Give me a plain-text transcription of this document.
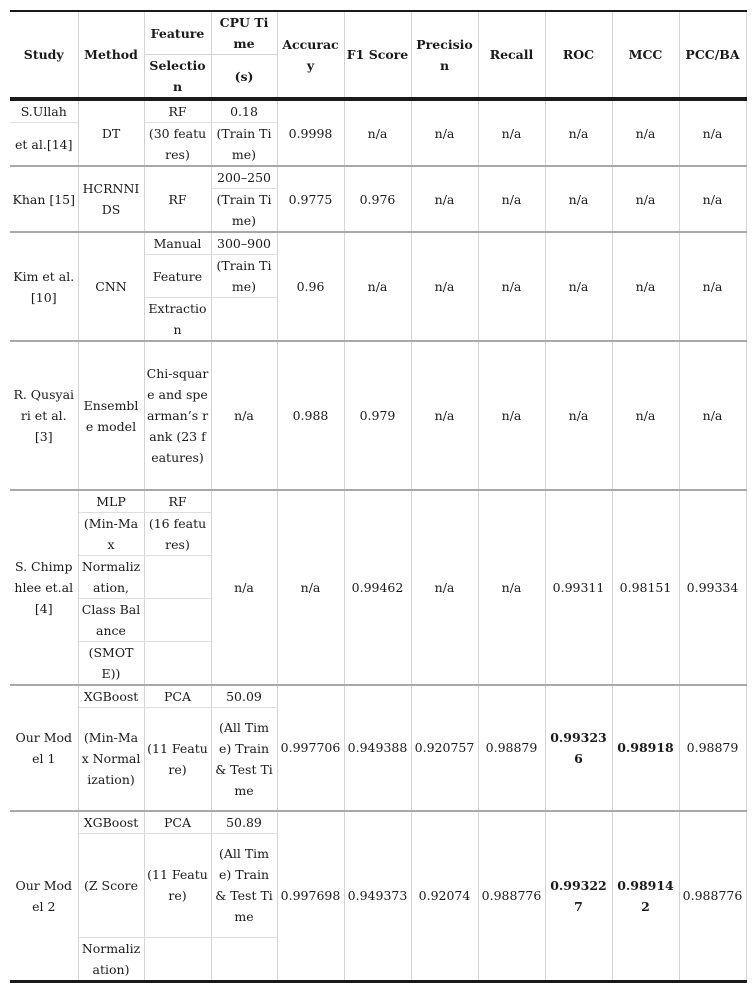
Study	Method	Feature	CPU Time	Accuracy	F1 Score	Precision	Recall	ROC	MCC	PCC/BA
		Selection	(s)							
S.Ullah	DT	RF	0.18	0.9998	n/a	n/a	n/a	n/a	n/a	n/a
et al.[14]		(30 features)	(Train Time)							
Khan [15]	HCRNNIDS	RF	200–250	0.9775	0.976	n/a	n/a	n/a	n/a	n/a
			(Train Time)							
Kim et al. [10]	CNN	Manual	300–900	0.96	n/a	n/a	n/a	n/a	n/a	n/a
		Feature	(Train Time)							
		Extraction								
R. Qusyairi et al. [3]	Ensemble model	Chi-square and spearman’s rank (23 features)	n/a	0.988	0.979	n/a	n/a	n/a	n/a	n/a
S. Chimphlee et.al [4]	MLP	RF	n/a	n/a	0.99462	n/a	n/a	0.99311	0.98151	0.99334
	(Min-Max	(16 features)								
	Normalization,									
	Class Balance									
	(SMOTE))									
Our Model 1	XGBoost	PCA	50.09	0.997706	0.949388	0.920757	0.98879	0.993236	0.98918	0.98879
	(Min-Max Normalization)	(11 Feature)	(All Time) Train & Test Time							
Our Model 2	XGBoost	PCA	50.89	0.997698	0.949373	0.92074	0.988776	0.993227	0.989142	0.988776
	(Z Score	(11 Feature)	(All Time) Train & Test Time							
	Normalization)									
